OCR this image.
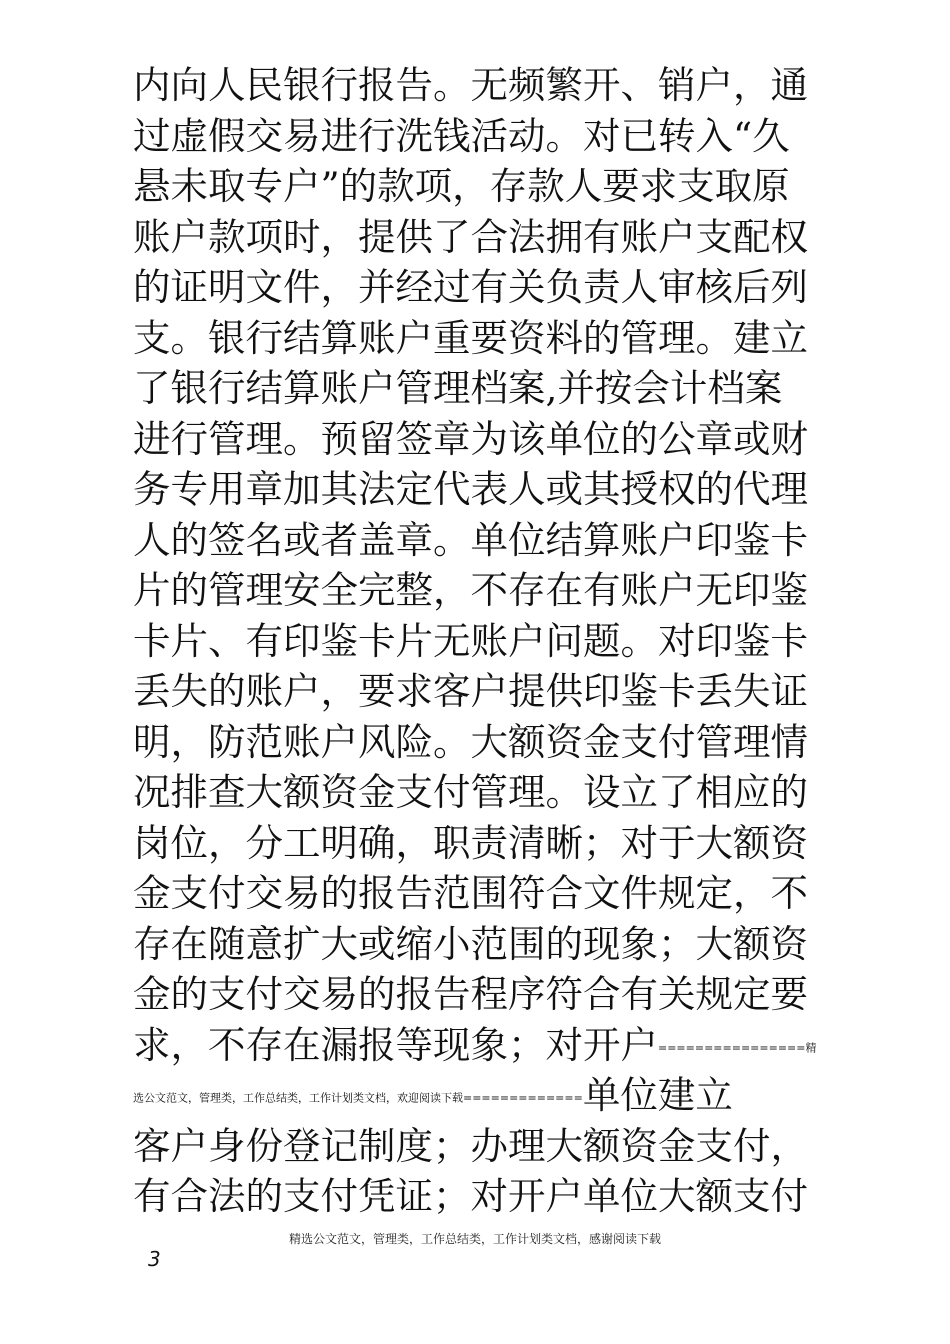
内向人民银行报告。无频繁开、销户，通
过虚假交易进行洗钱活动。对已转入“久
悬未取专户”的款项，存款人要求支取原
账户款项时，提供了合法拥有账户支配权
的证明文件，并经过有关负责人审核后列
支。银行结算账户重要资料的管理。建立
了银行结算账户管理档案,并按会计档案
进行管理。预留签章为该单位的公章或财
务专用章加其法定代表人或其授权的代理
人的签名或者盖章。单位结算账户印鉴卡
片的管理安全完整，不存在有账户无印鉴
卡片、有印鉴卡片无账户问题。对印鉴卡
丢失的账户，要求客户提供印鉴卡丢失证
明，防范账户风险。大额资金支付管理情
况排查大额资金支付管理。设立了相应的
岗位，分工明确，职责清晰；对于大额资
金支付交易的报告范围符合文件规定，不
存在随意扩大或缩小范围的现象；大额资
金的支付交易的报告程序符合有关规定要
求，不存在漏报等现象；对开户================精
选公文范文，管理类，工作总结类，工作计划类文档，欢迎阅读下载=============单位建立
客户身份登记制度；办理大额资金支付，
有合法的支付凭证；对开户单位大额支付
精选公文范文，管理类，工作总结类，工作计划类文档，感谢阅读下载
3
